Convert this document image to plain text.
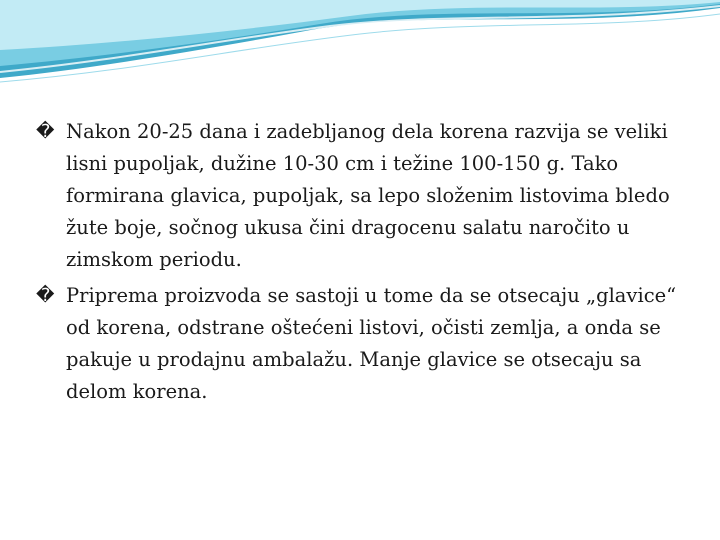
� Nakon 20-25 dana i zadebljanog dela korena razvija se veliki lisni pupoljak, dužine 10-30 cm i težine 100-150 g. Tako formirana glavica, pupoljak, sa lepo složenim listovima bledo žute boje, sočnog ukusa čini dragocenu salatu naročito u zimskom periodu.

� Priprema proizvoda se sastoji u tome da se otsecaju „glavice“ od korena, odstrane oštećeni listovi, očisti zemlja, a onda se pakuje u prodajnu ambalažu. Manje glavice se otsecaju sa delom korena.
